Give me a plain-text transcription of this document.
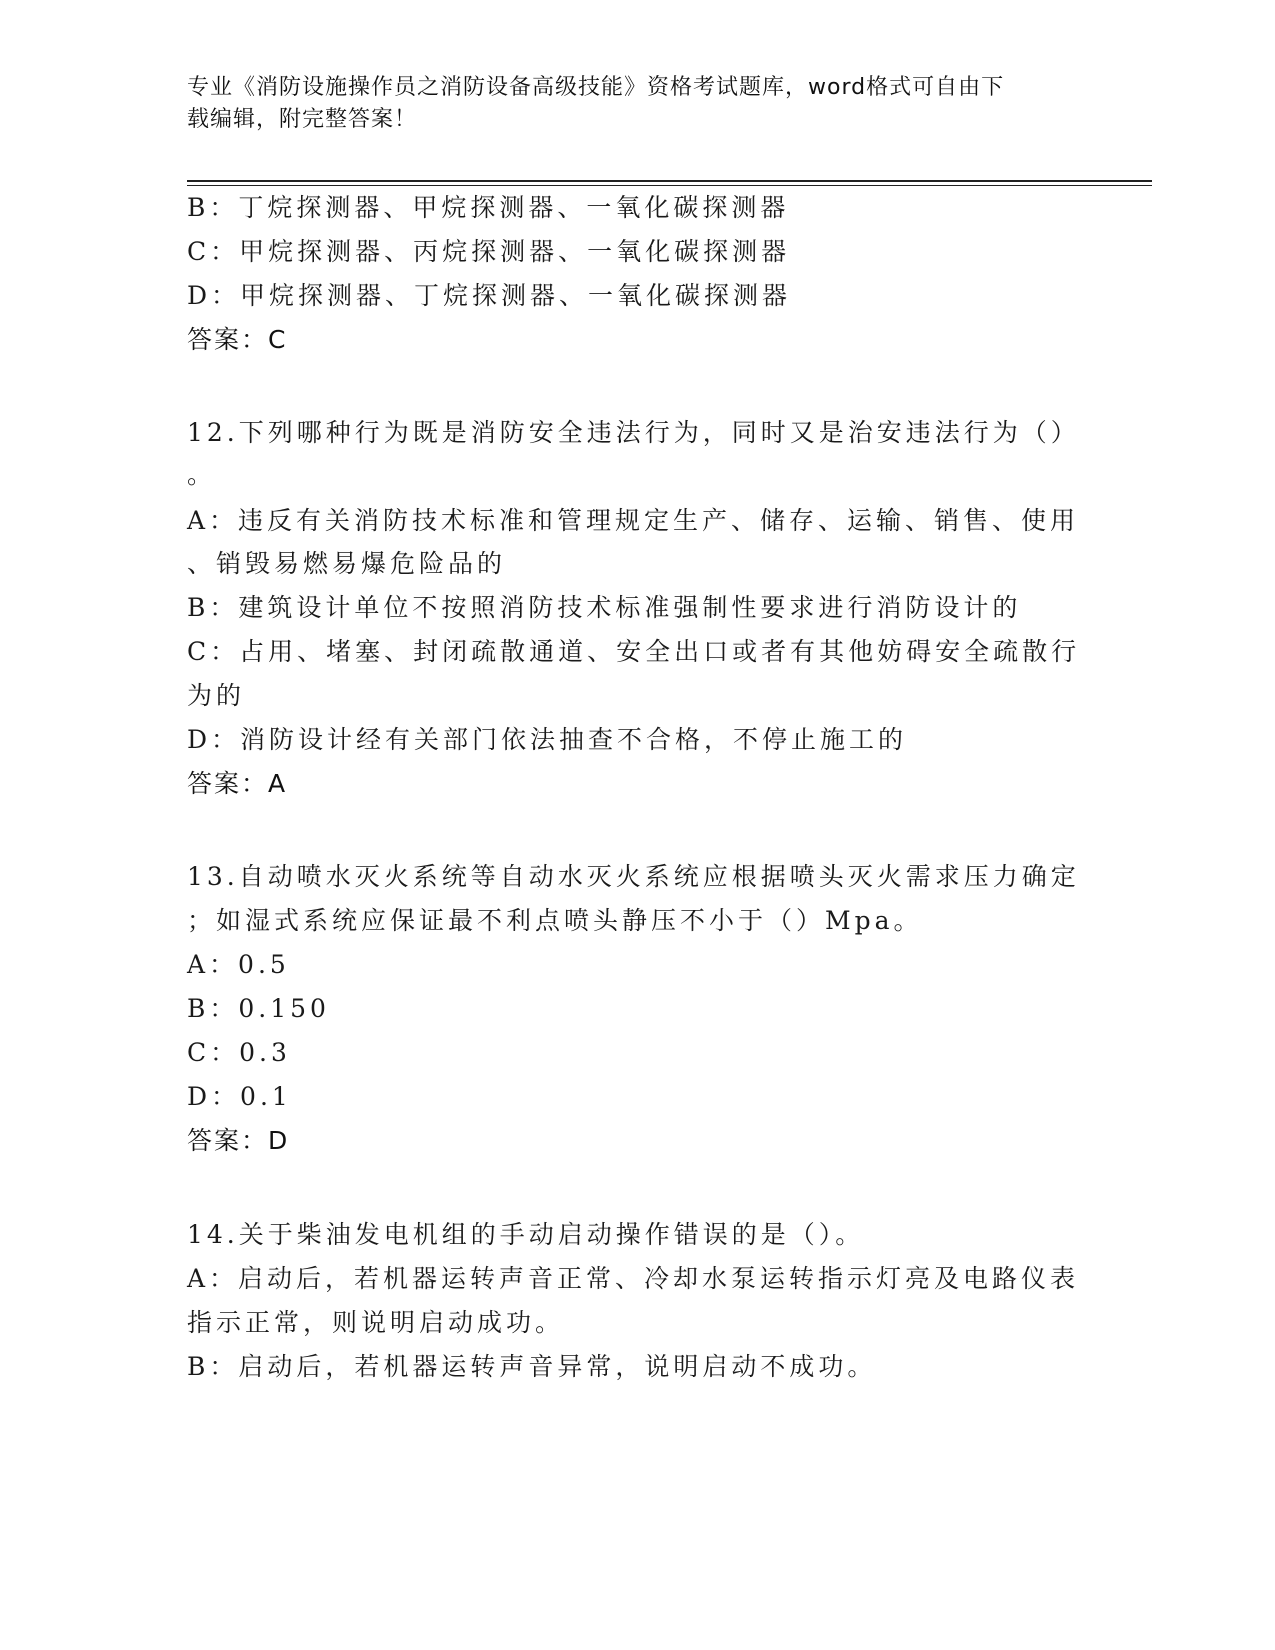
专业《消防设施操作员之消防设备高级技能》资格考试题库，word格式可自由下
载编辑，附完整答案！
B：丁烷探测器、甲烷探测器、一氧化碳探测器
C：甲烷探测器、丙烷探测器、一氧化碳探测器
D：甲烷探测器、丁烷探测器、一氧化碳探测器
答案：C
12.下列哪种行为既是消防安全违法行为，同时又是治安违法行为（）
。
A：违反有关消防技术标准和管理规定生产、储存、运输、销售、使用
、销毁易燃易爆危险品的
B：建筑设计单位不按照消防技术标准强制性要求进行消防设计的
C：占用、堵塞、封闭疏散通道、安全出口或者有其他妨碍安全疏散行
为的
D：消防设计经有关部门依法抽查不合格，不停止施工的
答案：A
13.自动喷水灭火系统等自动水灭火系统应根据喷头灭火需求压力确定
；如湿式系统应保证最不利点喷头静压不小于（）Mpa。
A：0.5
B：0.150
C：0.3
D：0.1
答案：D
14.关于柴油发电机组的手动启动操作错误的是（）。
A：启动后，若机器运转声音正常、冷却水泵运转指示灯亮及电路仪表
指示正常，则说明启动成功。
B：启动后，若机器运转声音异常，说明启动不成功。
